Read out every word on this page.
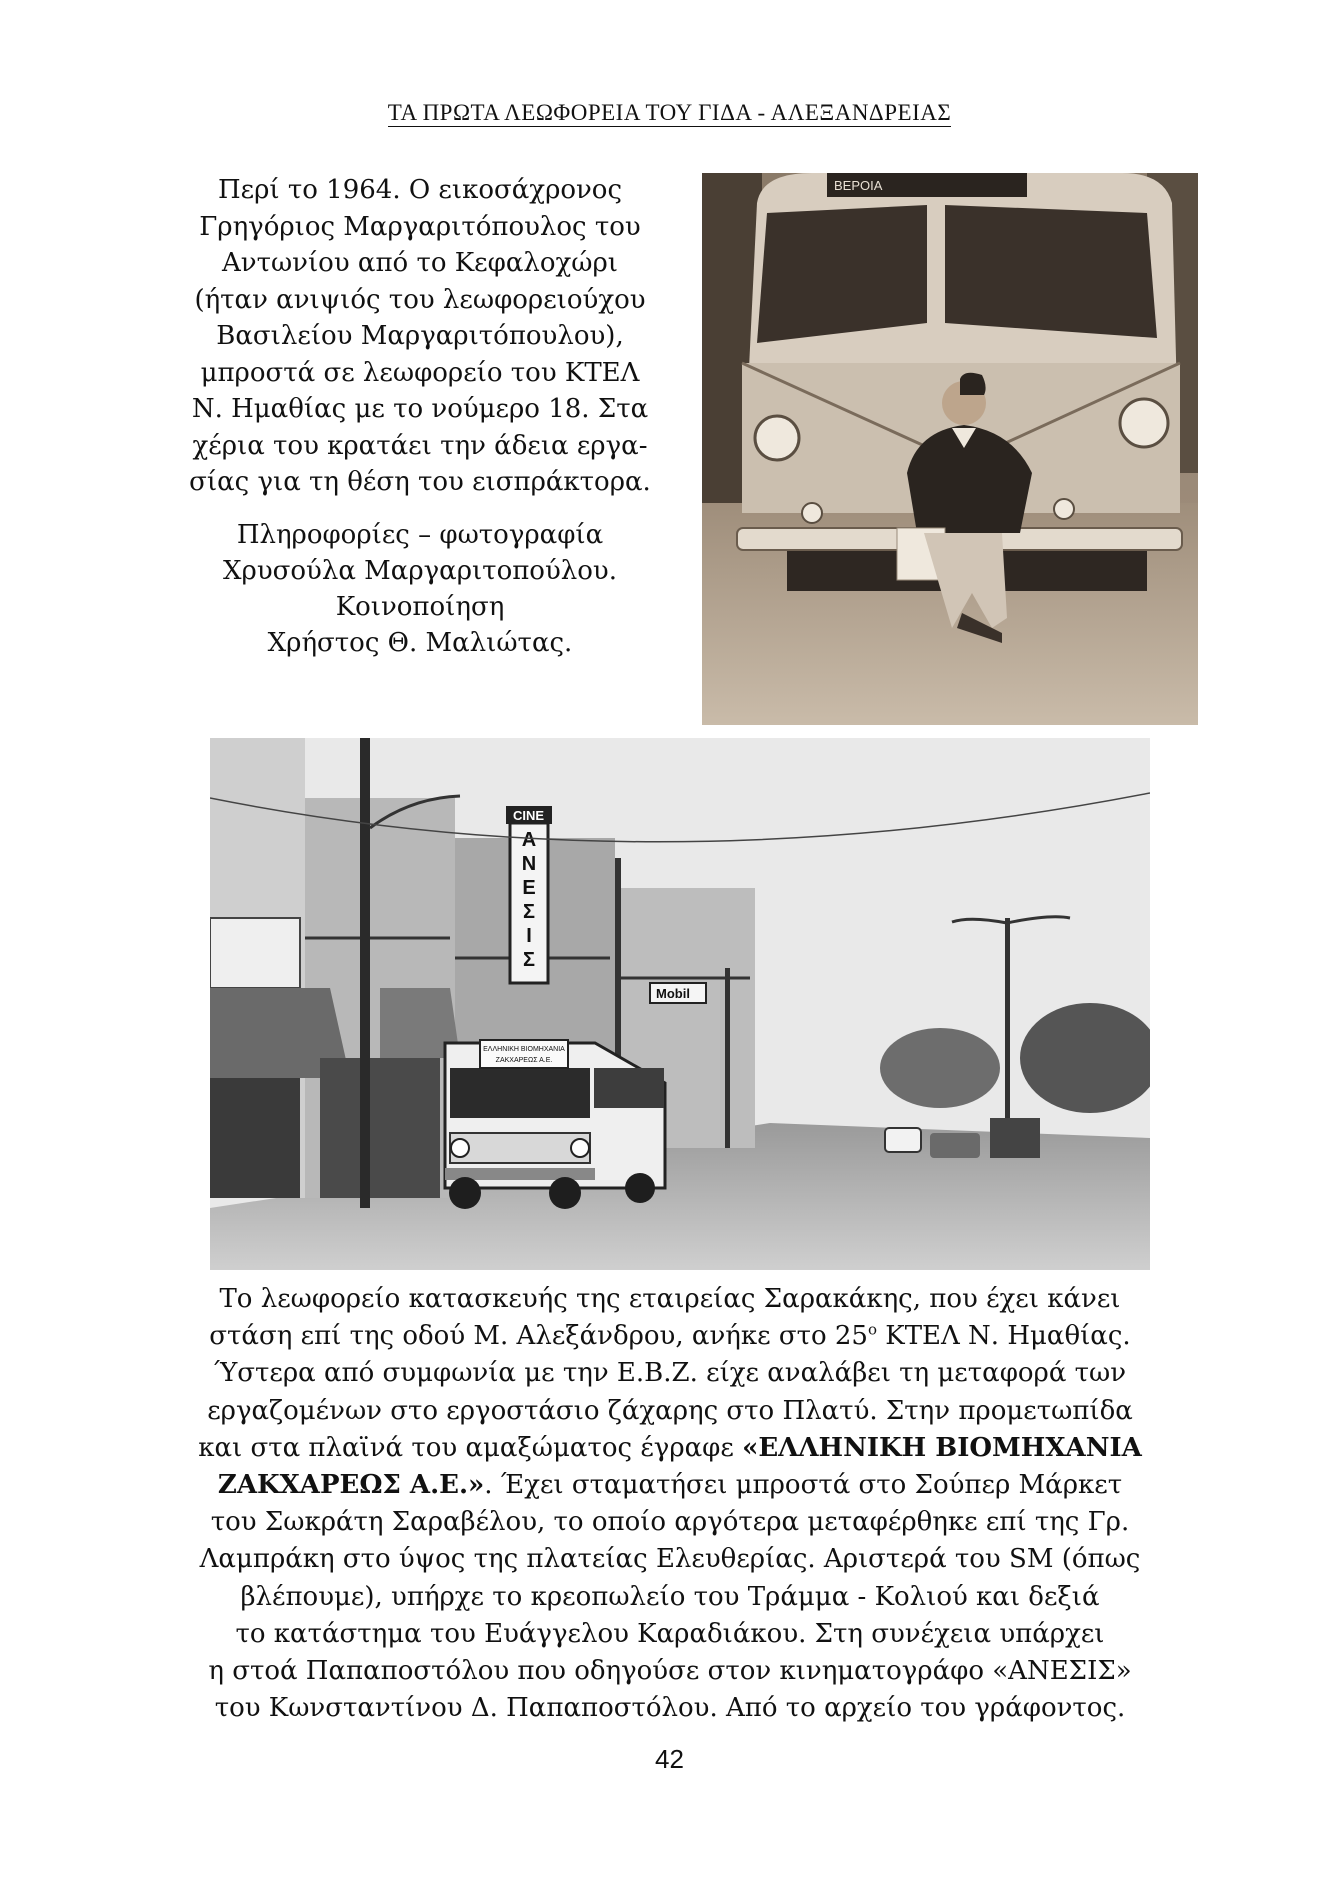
ΤΑ ΠΡΩΤΑ ΛΕΩΦΟΡΕΙΑ ΤΟΥ ΓΙΔΑ - ΑΛΕΞΑΝΔΡΕΙΑΣ

Περί το 1964. Ο εικοσάχρονος

Γρηγόριος Μαργαριτόπουλος του

Αντωνίου από το Κεφαλοχώρι

(ήταν ανιψιός του λεωφορειούχου

Βασιλείου Μαργαριτόπουλου),

μπροστά σε λεωφορείο του ΚΤΕΛ

Ν. Ημαθίας με το νούμερο 18. Στα

χέρια του κρατάει την άδεια εργα-

σίας για τη θέση του εισπράκτορα.

Πληροφορίες – φωτογραφία
Χρυσούλα Μαργαριτοπούλου.
Κοινοποίηση
Χρήστος Θ. Μαλιώτας.
ΒΕΡΟΙΑ
CINE
Α
Ν
Ε
Σ
Ι
Σ
Mobil
ΕΛΛΗΝΙΚΗ ΒΙΟΜΗΧΑΝΙΑ
ΖΑΚΧΑΡΕΩΣ Α.Ε.
Το λεωφορείο κατασκευής της εταιρείας Σαρακάκης, που έχει κάνει
στάση επί της οδού Μ. Αλεξάνδρου, ανήκε στο $25^o$ ΚΤΕΛ Ν. Ημαθίας.
Ύστερα από συμφωνία με την Ε.Β.Ζ. είχε αναλάβει τη μεταφορά των
εργαζομένων στο εργοστάσιο ζάχαρης στο Πλατύ. Στην προμετωπίδα
και στα πλαϊνά του αμαξώματος έγραφε «ΕΛΛΗΝΙΚΗ ΒΙΟΜΗΧΑΝΙΑ
ΖΑΚΧΑΡΕΩΣ Α.Ε.». Έχει σταματήσει μπροστά στο Σούπερ Μάρκετ
του Σωκράτη Σαραβέλου, το οποίο αργότερα μεταφέρθηκε επί της Γρ.
Λαμπράκη στο ύψος της πλατείας Ελευθερίας. Αριστερά του SM (όπως
βλέπουμε), υπήρχε το κρεοπωλείο του Τράμμα - Κολιού και δεξιά
το κατάστημα του Ευάγγελου Καραδιάκου. Στη συνέχεια υπάρχει
η στοά Παπαποστόλου που οδηγούσε στον κινηματογράφο «ΑΝΕΣΙΣ»
του Κωνσταντίνου Δ. Παπαποστόλου. Από το αρχείο του γράφοντος.
42
